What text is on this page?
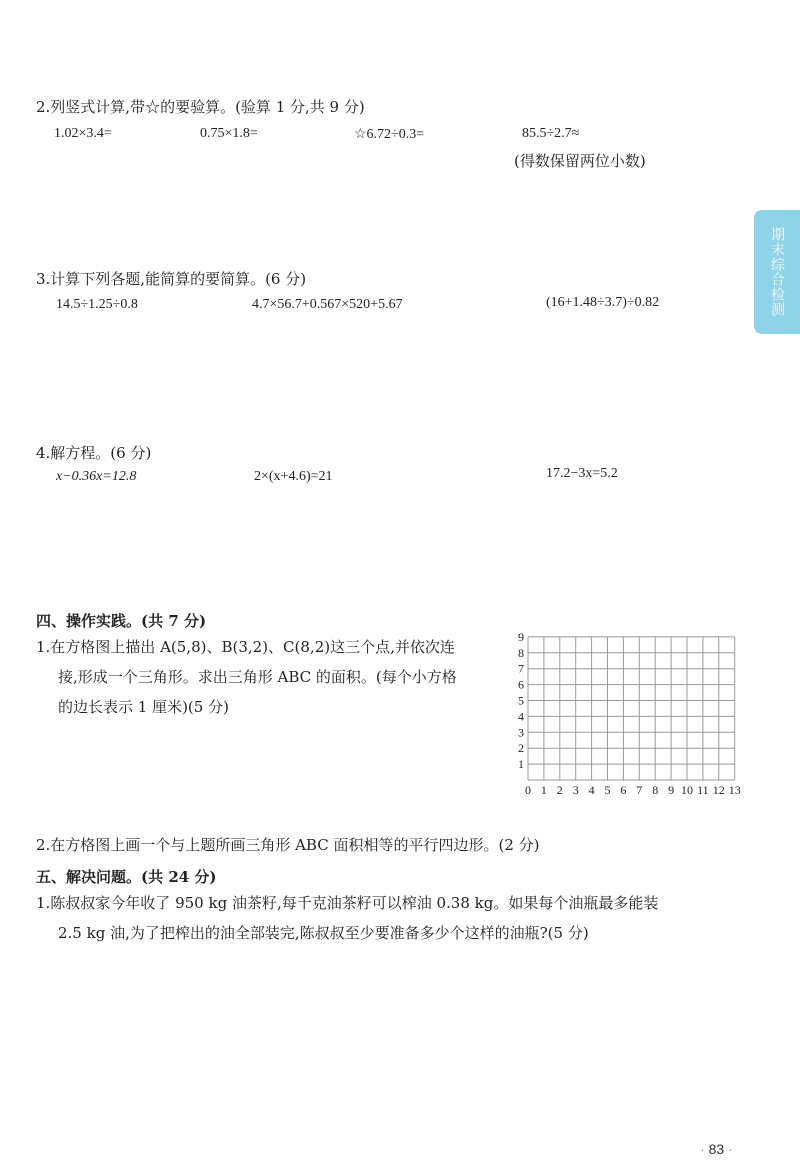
期末综合检测
2.列竖式计算,带☆的要验算。(验算 1 分,共 9 分)
1.02×3.4=	0.75×1.8=	☆6.72÷0.3=	85.5÷2.7≈
(得数保留两位小数)
3.计算下列各题,能简算的要简算。(6 分)
14.5÷1.25÷0.8	4.7×56.7+0.567×520+5.67	(16+1.48÷3.7)÷0.82
4.解方程。(6 分)
x−0.36x=12.8	2×(x+4.6)=21	17.2−3x=5.2
四、操作实践。(共 7 分)
1.在方格图上描出 A(5,8)、B(3,2)、C(8,2)这三个点,并依次连
接,形成一个三角形。求出三角形 ABC 的面积。(每个小方格
的边长表示 1 厘米)(5 分)
0 1 2 3 4 5 6 7 8 9 10 11 12 13
1
2
3
4
5
6
7
8
9
2.在方格图上画一个与上题所画三角形 ABC 面积相等的平行四边形。(2 分)
五、解决问题。(共 24 分)
1.陈叔叔家今年收了 950 kg 油茶籽,每千克油茶籽可以榨油 0.38 kg。如果每个油瓶最多能装
2.5 kg 油,为了把榨出的油全部装完,陈叔叔至少要准备多少个这样的油瓶?(5 分)
· 83 ·
